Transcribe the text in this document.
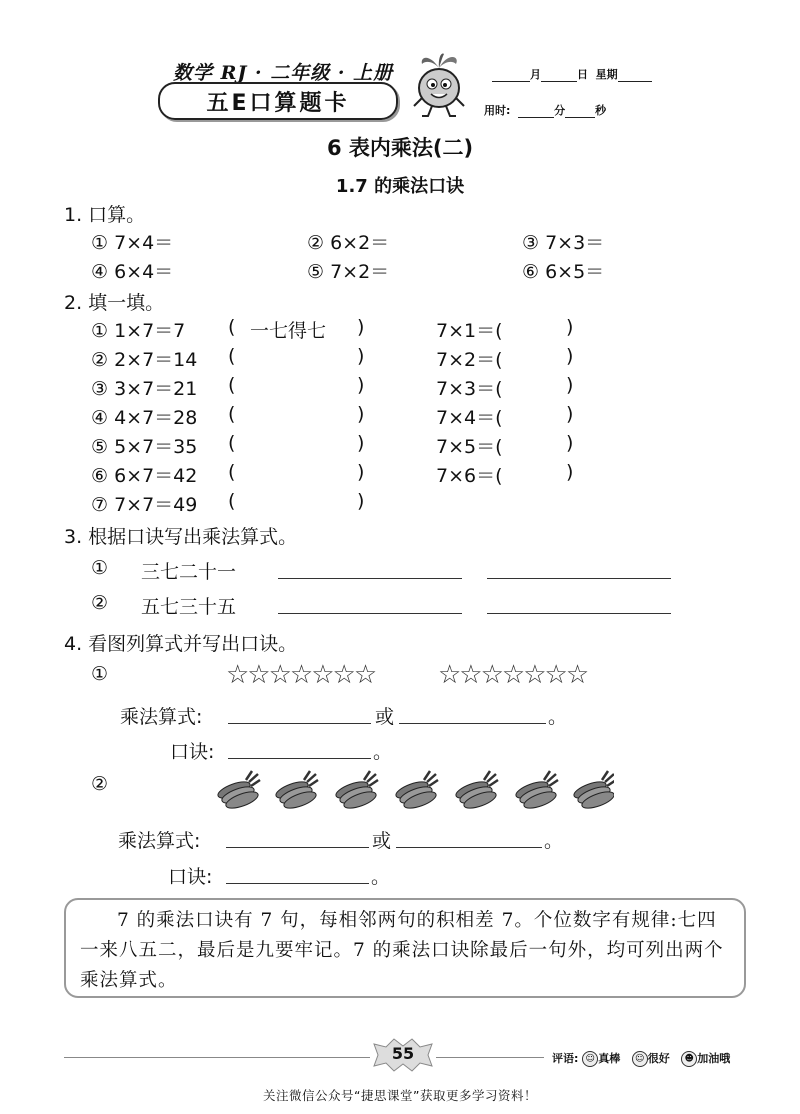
数学 RJ · 二年级 · 上册
五E口算题卡
月	日 星期
用时:	分	秒
6 表内乘法(二)
1.7 的乘法口诀
1. 口算。
① 7×4＝	② 6×2＝	③ 7×3＝
④ 6×4＝	⑤ 7×2＝	⑥ 6×5＝
2. 填一填。
① 1×7＝7 ( 一七得七 )	7×1＝(	)
② 2×7＝14 (	)	7×2＝(	)
③ 3×7＝21 (	)	7×3＝(	)
④ 4×7＝28 (	)	7×4＝(	)
⑤ 5×7＝35 (	)	7×5＝(	)
⑥ 6×7＝42 (	)	7×6＝(	)
⑦ 7×7＝49 (	)
3. 根据口诀写出乘法算式。
① 三七二十一
② 五七三十五
4. 看图列算式并写出口诀。
①	☆☆☆☆☆☆☆ ☆☆☆☆☆☆☆
乘法算式:	或	。
口诀:	。
②
乘法算式:	或	。
口诀:	。
7 的乘法口诀有 7 句，每相邻两句的积相差 7。个位数字有规律:七四一来八五二，最后是九要牢记。7 的乘法口诀除最后一句外，均可列出两个乘法算式。
55	评语: ☺ 真棒 ☺ 很好 ☻ 加油哦
关注微信公众号“捷思课堂”获取更多学习资料！
